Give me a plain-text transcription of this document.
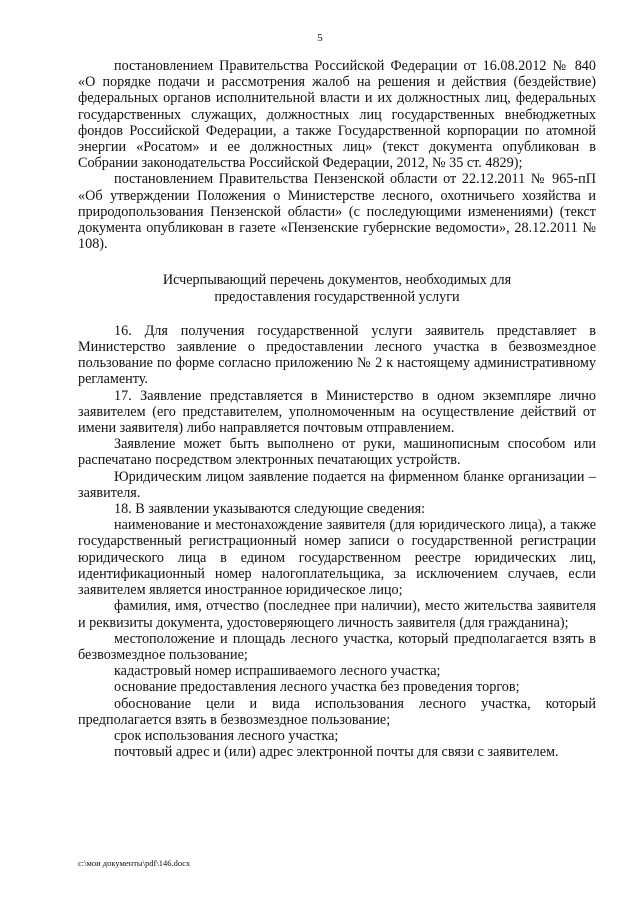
5

постановлением Правительства Российской Федерации от 16.08.2012 № 840 «О порядке подачи и рассмотрения жалоб на решения и действия (бездействие) федеральных органов исполнительной власти и их должностных лиц, федеральных государственных служащих, должностных лиц государственных внебюджетных фондов Российской Федерации, а также Государственной корпорации по атомной энергии «Росатом» и ее должностных лиц» (текст документа опубликован в Собрании законодательства Российской Федерации, 2012, № 35 ст. 4829);

постановлением Правительства Пензенской области от 22.12.2011 № 965-пП «Об утверждении Положения о Министерстве лесного, охотничьего хозяйства и природопользования Пензенской области» (с последующими изменениями) (текст документа опубликован в газете «Пензенские губернские ведомости», 28.12.2011 № 108).

Исчерпывающий перечень документов, необходимых для

предоставления государственной услуги

16. Для получения государственной услуги заявитель представляет в Министерство заявление о предоставлении лесного участка в безвозмездное пользование по форме согласно приложению № 2 к настоящему административному регламенту.

17. Заявление представляется в Министерство в одном экземпляре лично заявителем (его представителем, уполномоченным на осуществление действий от имени заявителя) либо направляется почтовым отправлением.

Заявление может быть выполнено от руки, машинописным способом или распечатано посредством электронных печатающих устройств.

Юридическим лицом заявление подается на фирменном бланке организации – заявителя.

18. В заявлении указываются следующие сведения:

наименование и местонахождение заявителя (для юридического лица), а также государственный регистрационный номер записи о государственной регистрации юридического лица в едином государственном реестре юридических лиц, идентификационный номер налогоплательщика, за исключением случаев, если заявителем является иностранное юридическое лицо;

фамилия, имя, отчество (последнее при наличии), место жительства заявителя и реквизиты документа, удостоверяющего личность заявителя (для гражданина);

местоположение и площадь лесного участка, который предполагается взять в безвозмездное пользование;

кадастровый номер испрашиваемого лесного участка;

основание предоставления лесного участка без проведения торгов;

обоснование цели и вида использования лесного участка, который предполагается взять в безвозмездное пользование;

срок использования лесного участка;

почтовый адрес и (или) адрес электронной почты для связи с заявителем.

c:\мои документы\pdf\146.docx
